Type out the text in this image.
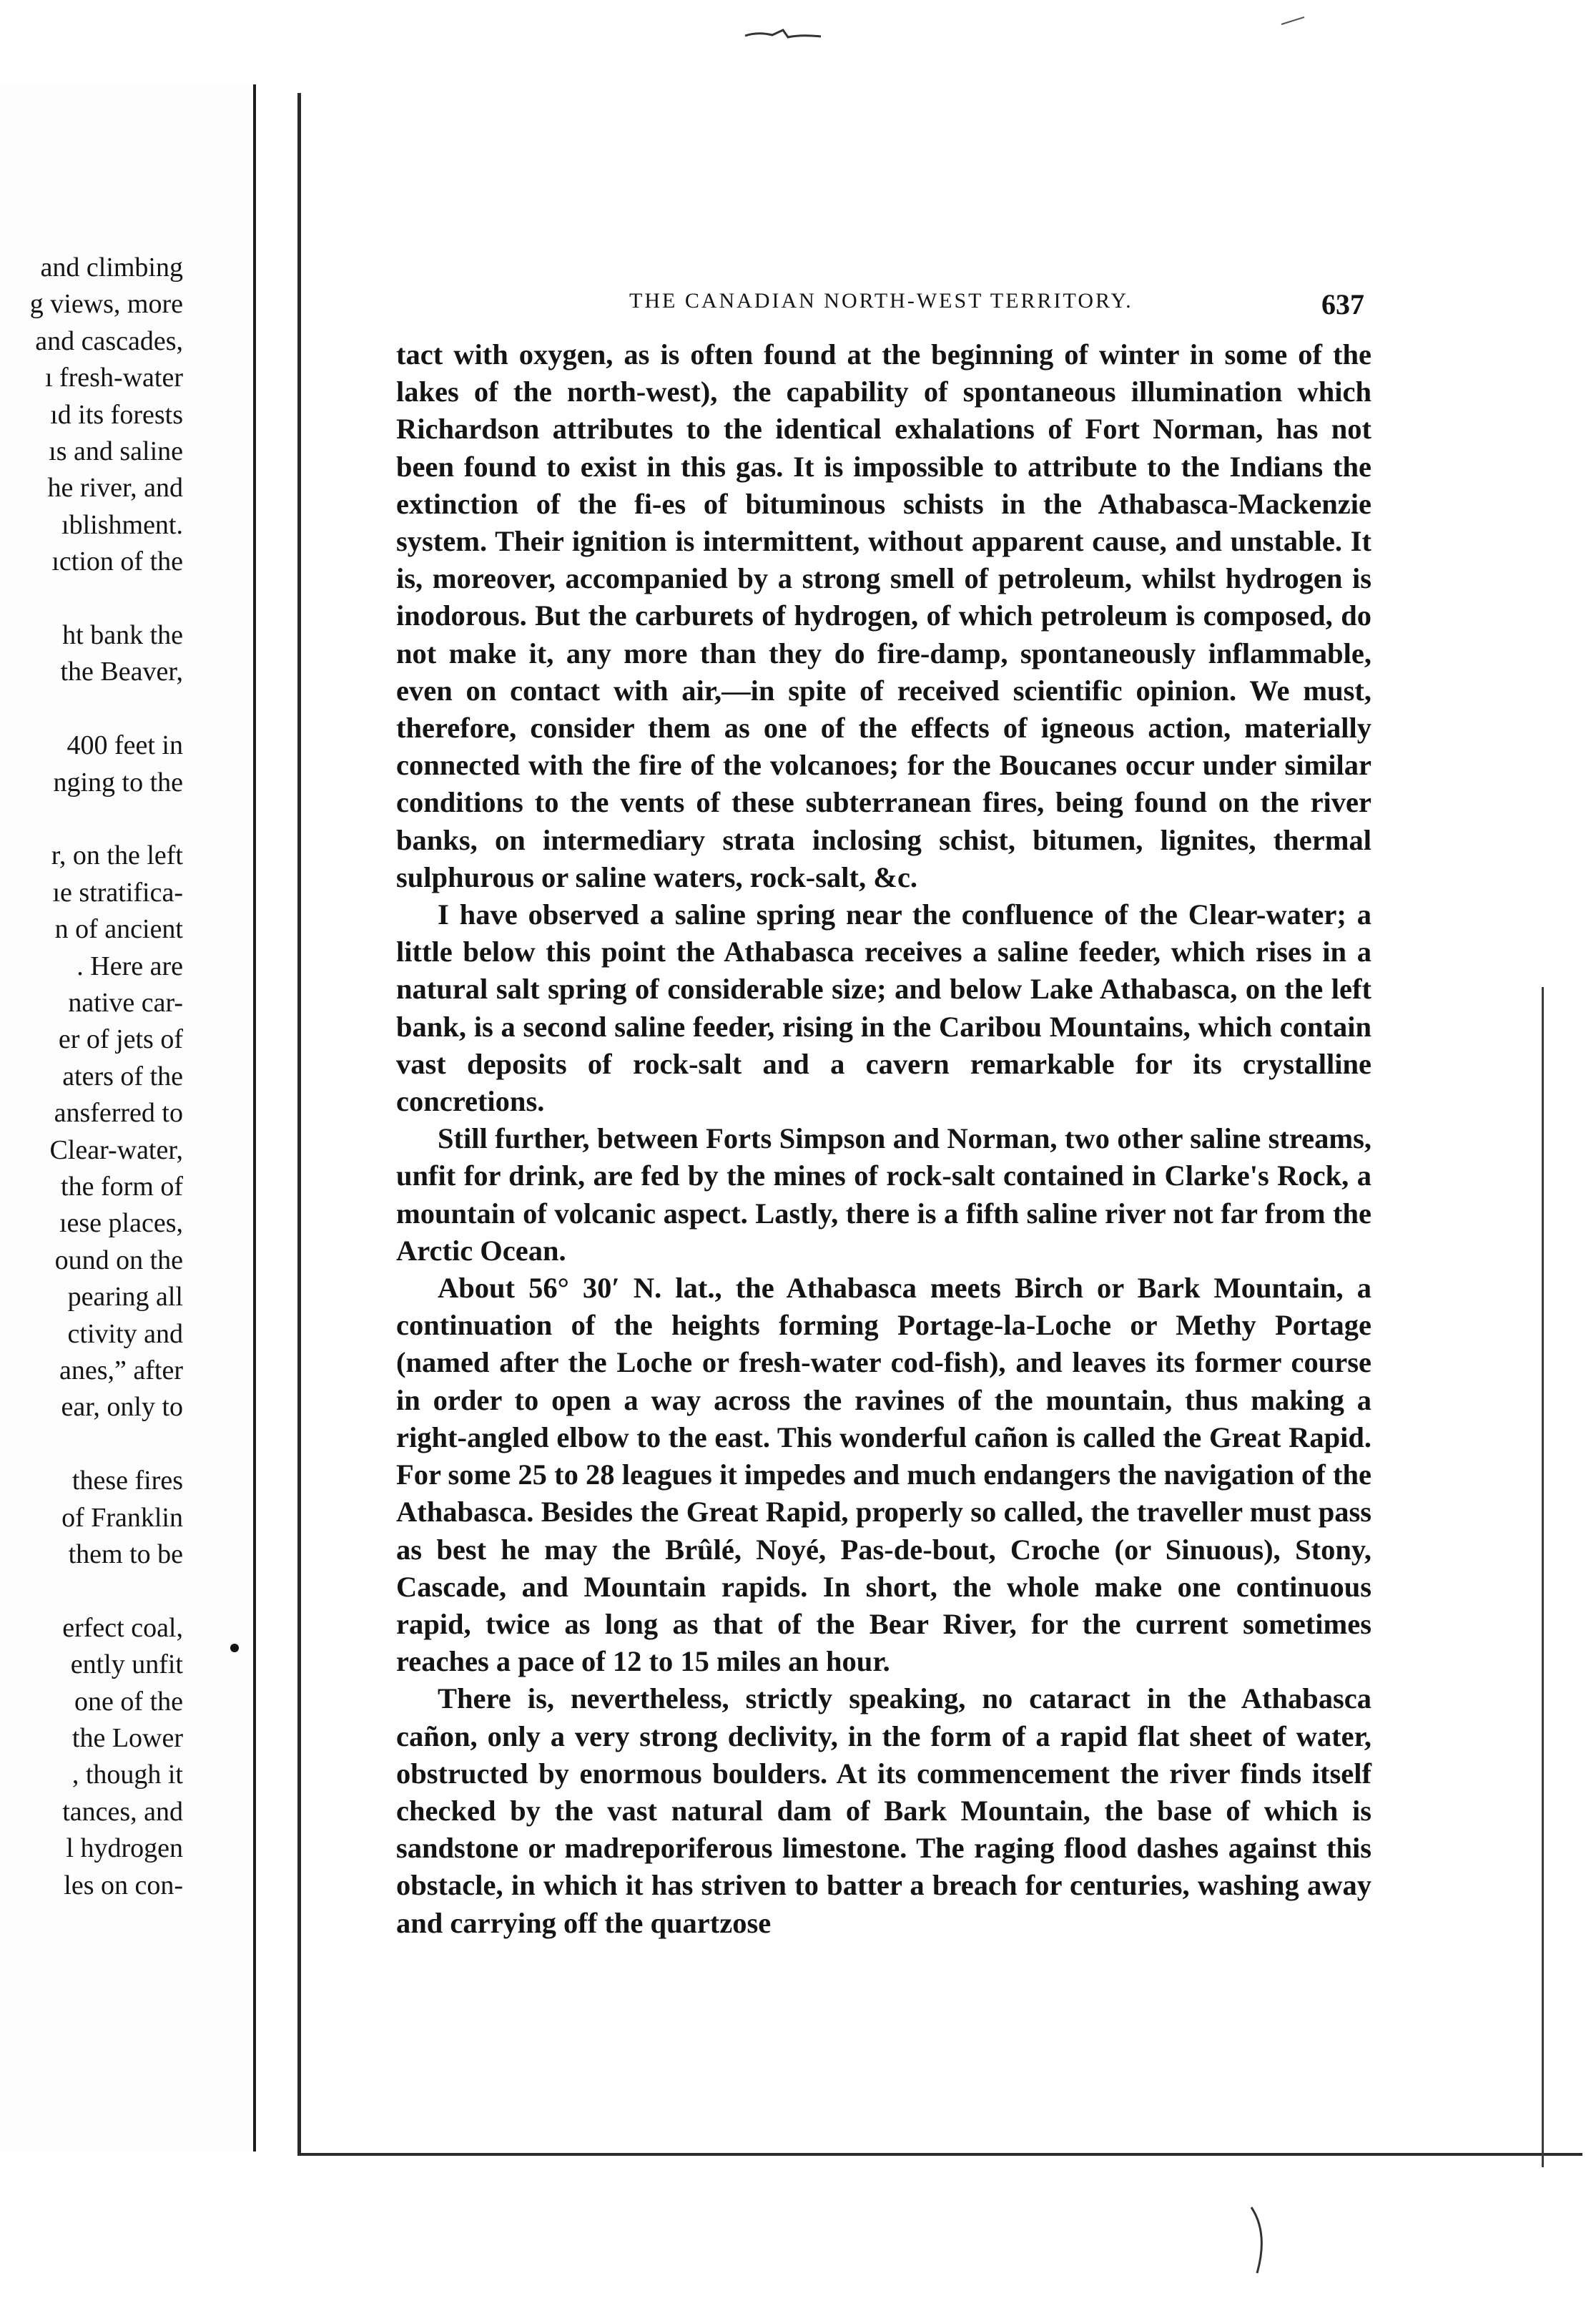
and climbing
g views, more
and cascades,
ı fresh-water
ıd its forests
ıs and saline
he river, and
ıblishment.
ıction of the
ht bank the
the Beaver,
400 feet in
nging to the
r, on the left
ıe stratifica-
n of ancient
. Here are
native car-
er of jets of
aters of the
ansferred to
Clear-water,
the form of
ıese places,
ound on the
pearing all
ctivity and
anes,” after
ear, only to
these fires
of Franklin
them to be
erfect coal,
ently unfit
one of the
the Lower
, though it
tances, and
l hydrogen
les on con-
THE CANADIAN NORTH-WEST TERRITORY.	637

tact with oxygen, as is often found at the beginning of winter in some of the lakes of the north-west), the capability of spontaneous illumination which Richardson attributes to the identical exhalations of Fort Norman, has not been found to exist in this gas. It is impossible to attribute to the Indians the extinction of the fi-es of bituminous schists in the Athabasca-Mackenzie system. Their ignition is intermittent, without apparent cause, and unstable. It is, moreover, accompanied by a strong smell of petroleum, whilst hydrogen is inodorous. But the carburets of hydrogen, of which petroleum is composed, do not make it, any more than they do fire-damp, spontaneously inflammable, even on contact with air,—in spite of received scientific opinion. We must, therefore, consider them as one of the effects of igneous action, materially connected with the fire of the volcanoes; for the Boucanes occur under similar conditions to the vents of these subterranean fires, being found on the river banks, on intermediary strata inclosing schist, bitumen, lignites, thermal sulphurous or saline waters, rock-salt, &c.

I have observed a saline spring near the confluence of the Clear-water; a little below this point the Athabasca receives a saline feeder, which rises in a natural salt spring of considerable size; and below Lake Athabasca, on the left bank, is a second saline feeder, rising in the Caribou Mountains, which contain vast deposits of rock-salt and a cavern remarkable for its crystalline concretions.

Still further, between Forts Simpson and Norman, two other saline streams, unfit for drink, are fed by the mines of rock-salt contained in Clarke's Rock, a mountain of volcanic aspect. Lastly, there is a fifth saline river not far from the Arctic Ocean.

About 56° 30′ N. lat., the Athabasca meets Birch or Bark Mountain, a continuation of the heights forming Portage-la-Loche or Methy Portage (named after the Loche or fresh-water cod-fish), and leaves its former course in order to open a way across the ravines of the mountain, thus making a right-angled elbow to the east. This wonderful cañon is called the Great Rapid. For some 25 to 28 leagues it impedes and much endangers the navigation of the Athabasca. Besides the Great Rapid, properly so called, the traveller must pass as best he may the Brûlé, Noyé, Pas-de-bout, Croche (or Sinuous), Stony, Cascade, and Mountain rapids. In short, the whole make one continuous rapid, twice as long as that of the Bear River, for the current sometimes reaches a pace of 12 to 15 miles an hour.

There is, nevertheless, strictly speaking, no cataract in the Athabasca cañon, only a very strong declivity, in the form of a rapid flat sheet of water, obstructed by enormous boulders. At its commencement the river finds itself checked by the vast natural dam of Bark Mountain, the base of which is sandstone or madreporiferous limestone. The raging flood dashes against this obstacle, in which it has striven to batter a breach for centuries, washing away and carrying off the quartzose
